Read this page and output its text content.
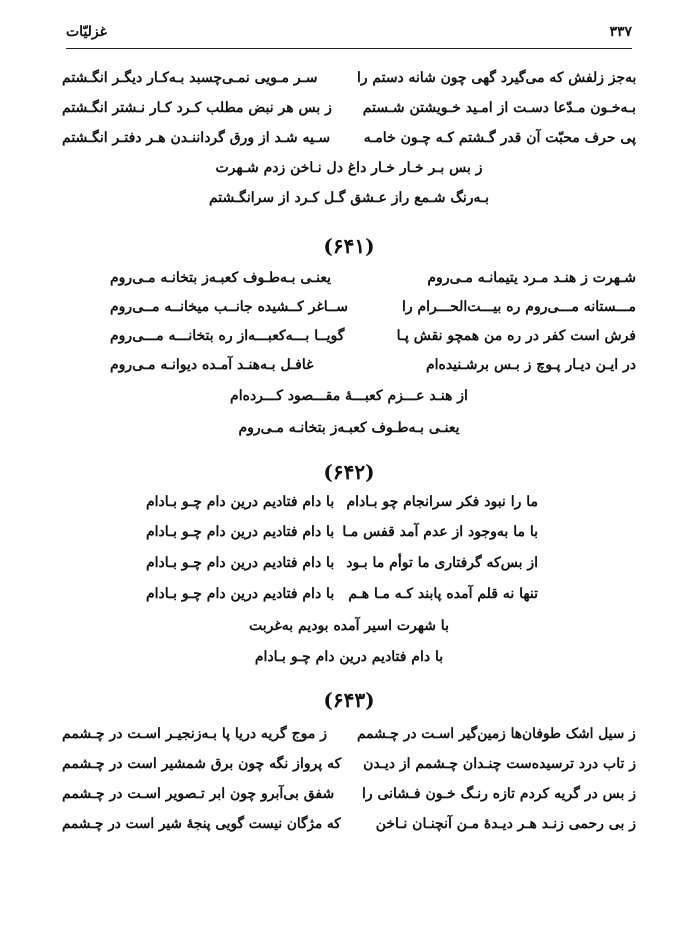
۳۳۷
غزلیّات
به‌جز زلفش که می‌گیرد گهی چون شانه دستم را
سـر مـویی نمـی‌چسبد بـه‌کـار دیگـر انگـشتم
بـه‌خـون مـدّعا دسـت از امـید خـویشتن شـستم
ز بس هر نبض مطلب کـرد کـار نـشتر انگـشتم
پی حرف محبّت آن قدر گـشتم کـه چـون خامـه
سـیه شـد از ورق گرداننـدن هـر دفتـر انگـشتم
ز بس بـر خـار خـار داغ دل نـاخن زدم شـهرت
بـه‌رنگ شـمع راز عـشق گـل کـرد از سرانگـشتم
(۶۴۱)
شـهرت ز هنـد مـرد یتیمانـه مـی‌روم
یعنـی بـه‌طـوف کعبـه‌ز بتخانـه مـی‌روم
مـــستانه مـــی‌روم ره بیـــت‌الحـــرام را
ســاغر کــشیده جانــب میخانــه مــی‌روم
فرش است کفر در ره من همچو نقش پـا
گویــا بـــه‌کعبـــه‌از ره بتخانـــه مـــی‌روم
در ایـن دیـار پـوچ ز بـس برشـنیده‌ام
غافـل بـه‌هنـد آمـده دیوانـه مـی‌روم
از هنـد عـــزم کعبـــۀ مقـــصود کـــرده‌ام
یعنـی بـه‌طـوف کعبـه‌ز بتخانـه مـی‌روم
(۶۴۲)
ما را نبود فکر سرانجام چو بـادام
با دام فتادیم درین دام چـو بـادام
با ما به‌وجود از عدم آمد قفس مـا
با دام فتادیم درین دام چـو بـادام
از بس‌که گرفتاری ما توأم ما بـود
با دام فتادیم درین دام چـو بـادام
تنها نه قلم آمده پابند کـه مـا هـم
با دام فتادیم درین دام چـو بـادام
با شهرت اسیر آمده بودیم به‌غربت
با دام فتادیم درین دام چـو بـادام
(۶۴۳)
ز سیل اشک طوفان‌ها زمین‌گیر اسـت در چـشمم
ز موج گریه دریا پا بـه‌زنجیـر اسـت در چـشمم
ز تاب درد ترسیده‌ست چنـدان چـشمم از دیـدن
که پرواز نگه چون برق شمشیر است در چـشمم
ز بس در گریه کردم تازه رنـگ خـون فـشانی را
شفق بی‌آبرو چون ابر تـصویر اسـت در چـشمم
ز بی رحمی زنـد هـر دیـدۀ مـن آنچنـان نـاخن
که مژگان نیست گویی پنجۀ شیر است در چـشمم
